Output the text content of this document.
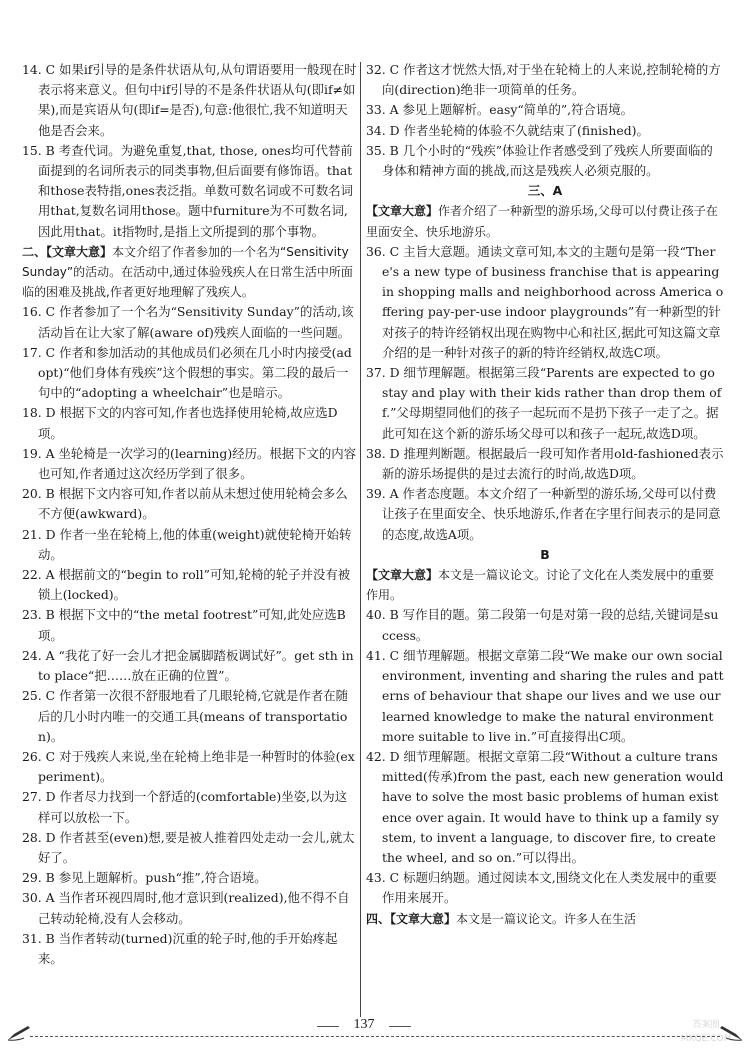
14. C 如果if引导的是条件状语从句,从句谓语要用一般现在时表示将来意义。但句中if引导的不是条件状语从句(即if≠如果),而是宾语从句(即if=是否),句意:他很忙,我不知道明天他是否会来。

15. B 考查代词。为避免重复,that, those, ones均可代替前面提到的名词所表示的同类事物,但后面要有修饰语。that和those表特指,ones表泛指。单数可数名词或不可数名词用that,复数名词用those。题中furniture为不可数名词,因此用that。it指物时,是指上文所提到的那个事物。

二、【文章大意】本文介绍了作者参加的一个名为“Sensitivity Sunday”的活动。在活动中,通过体验残疾人在日常生活中所面临的困难及挑战,作者更好地理解了残疾人。

16. C 作者参加了一个名为“Sensitivity Sunday”的活动,该活动旨在让大家了解(aware of)残疾人面临的一些问题。

17. C 作者和参加活动的其他成员们必须在几小时内接受(adopt)“他们身体有残疾”这个假想的事实。第二段的最后一句中的“adopting a wheelchair”也是暗示。

18. D 根据下文的内容可知,作者也选择使用轮椅,故应选D项。

19. A 坐轮椅是一次学习的(learning)经历。根据下文的内容也可知,作者通过这次经历学到了很多。

20. B 根据下文内容可知,作者以前从未想过使用轮椅会多么不方便(awkward)。

21. D 作者一坐在轮椅上,他的体重(weight)就使轮椅开始转动。

22. A 根据前文的“begin to roll”可知,轮椅的轮子并没有被锁上(locked)。

23. B 根据下文中的“the metal footrest”可知,此处应选B项。

24. A “我花了好一会儿才把金属脚踏板调试好”。get sth into place“把……放在正确的位置”。

25. C 作者第一次很不舒服地看了几眼轮椅,它就是作者在随后的几小时内唯一的交通工具(means of transportation)。

26. C 对于残疾人来说,坐在轮椅上绝非是一种暂时的体验(experiment)。

27. D 作者尽力找到一个舒适的(comfortable)坐姿,以为这样可以放松一下。

28. D 作者甚至(even)想,要是被人推着四处走动一会儿,就太好了。

29. B 参见上题解析。push“推”,符合语境。

30. A 当作者环视四周时,他才意识到(realized),他不得不自己转动轮椅,没有人会移动。

31. B 当作者转动(turned)沉重的轮子时,他的手开始疼起来。

32. C 作者这才恍然大悟,对于坐在轮椅上的人来说,控制轮椅的方向(direction)绝非一项简单的任务。

33. A 参见上题解析。easy“简单的”,符合语境。

34. D 作者坐轮椅的体验不久就结束了(finished)。

35. B 几个小时的“残疾”体验让作者感受到了残疾人所要面临的身体和精神方面的挑战,而这是残疾人必须克服的。

三、A

【文章大意】作者介绍了一种新型的游乐场,父母可以付费让孩子在里面安全、快乐地游乐。

36. C 主旨大意题。通读文章可知,本文的主题句是第一段“There's a new type of business franchise that is appearing in shopping malls and neighborhood across America offering pay-per-use indoor playgrounds”有一种新型的针对孩子的特许经销权出现在购物中心和社区,据此可知这篇文章介绍的是一种针对孩子的新的特许经销权,故选C项。

37. D 细节理解题。根据第三段“Parents are expected to go stay and play with their kids rather than drop them off.”父母期望同他们的孩子一起玩而不是扔下孩子一走了之。据此可知在这个新的游乐场父母可以和孩子一起玩,故选D项。

38. D 推理判断题。根据最后一段可知作者用old-fashioned表示新的游乐场提供的是过去流行的时尚,故选D项。

39. A 作者态度题。本文介绍了一种新型的游乐场,父母可以付费让孩子在里面安全、快乐地游乐,作者在字里行间表示的是同意的态度,故选A项。

B

【文章大意】本文是一篇议论文。讨论了文化在人类发展中的重要作用。

40. B 写作目的题。第二段第一句是对第一段的总结,关键词是success。

41. C 细节理解题。根据文章第二段“We make our own social environment, inventing and sharing the rules and patterns of behaviour that shape our lives and we use our learned knowledge to make the natural environment more suitable to live in.”可直接得出C项。

42. D 细节理解题。根据文章第二段“Without a culture transmitted(传承)from the past, each new generation would have to solve the most basic problems of human existence over again. It would have to think up a family system, to invent a language, to discover fire, to create the wheel, and so on.”可以得出。

43. C 标题归纳题。通过阅读本文,围绕文化在人类发展中的重要作用来展开。

四、【文章大意】本文是一篇议论文。许多人在生活

137	答案圈 MXQE.COM
